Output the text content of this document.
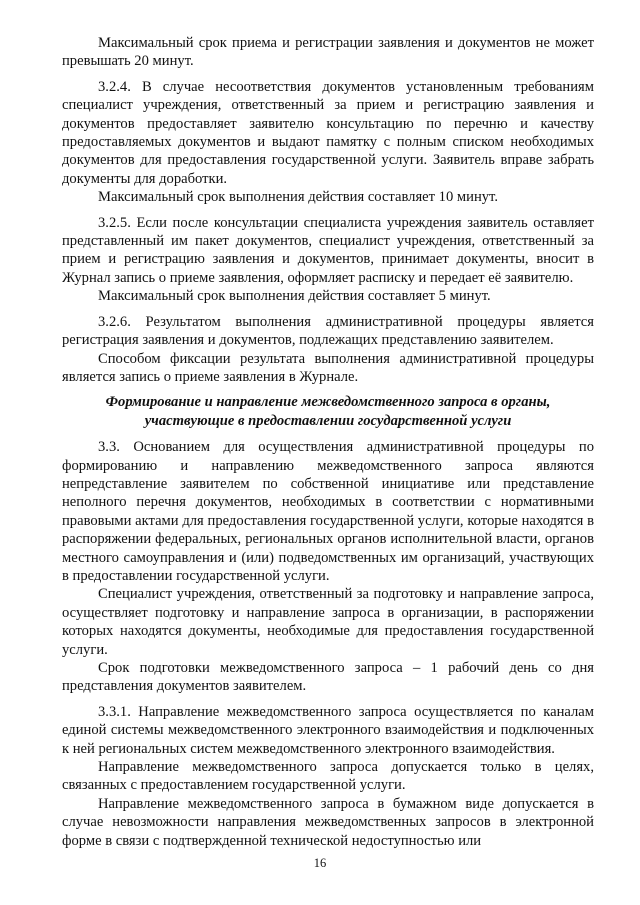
Максимальный срок приема и регистрации заявления и документов не может превышать 20 минут.

3.2.4. В случае несоответствия документов установленным требованиям специалист учреждения, ответственный за прием и регистрацию заявления и документов предоставляет заявителю консультацию по перечню и качеству предоставляемых документов и выдают памятку с полным списком необходимых документов для предоставления государственной услуги. Заявитель вправе забрать документы для доработки.

Максимальный срок выполнения действия составляет 10 минут.

3.2.5. Если после консультации специалиста учреждения заявитель оставляет представленный им пакет документов, специалист учреждения, ответственный за прием и регистрацию заявления и документов, принимает документы, вносит в Журнал запись о приеме заявления, оформляет расписку и передает её заявителю.

Максимальный срок выполнения действия составляет 5 минут.

3.2.6. Результатом выполнения административной процедуры является регистрация заявления и документов, подлежащих представлению заявителем.

Способом фиксации результата выполнения административной процедуры является запись о приеме заявления в Журнале.

Формирование и направление межведомственного запроса в органы,
участвующие в предоставлении государственной услуги

3.3. Основанием для осуществления административной процедуры по формированию и направлению межведомственного запроса являются непредставление заявителем по собственной инициативе или представление неполного перечня документов, необходимых в соответствии с нормативными правовыми актами для предоставления государственной услуги, которые находятся в распоряжении федеральных, региональных органов исполнительной власти, органов местного самоуправления и (или) подведомственных им организаций, участвующих в предоставлении государственной услуги.

Специалист учреждения, ответственный за подготовку и направление запроса, осуществляет подготовку и направление запроса в организации, в распоряжении которых находятся документы, необходимые для предоставления государственной услуги.

Срок подготовки межведомственного запроса – 1 рабочий день со дня представления документов заявителем.

3.3.1. Направление межведомственного запроса осуществляется по каналам единой системы межведомственного электронного взаимодействия и подключенных к ней региональных систем межведомственного электронного взаимодействия.

Направление межведомственного запроса допускается только в целях, связанных с предоставлением государственной услуги.

Направление межведомственного запроса в бумажном виде допускается в случае невозможности направления межведомственных запросов в электронной форме в связи с подтвержденной технической недоступностью или

16
